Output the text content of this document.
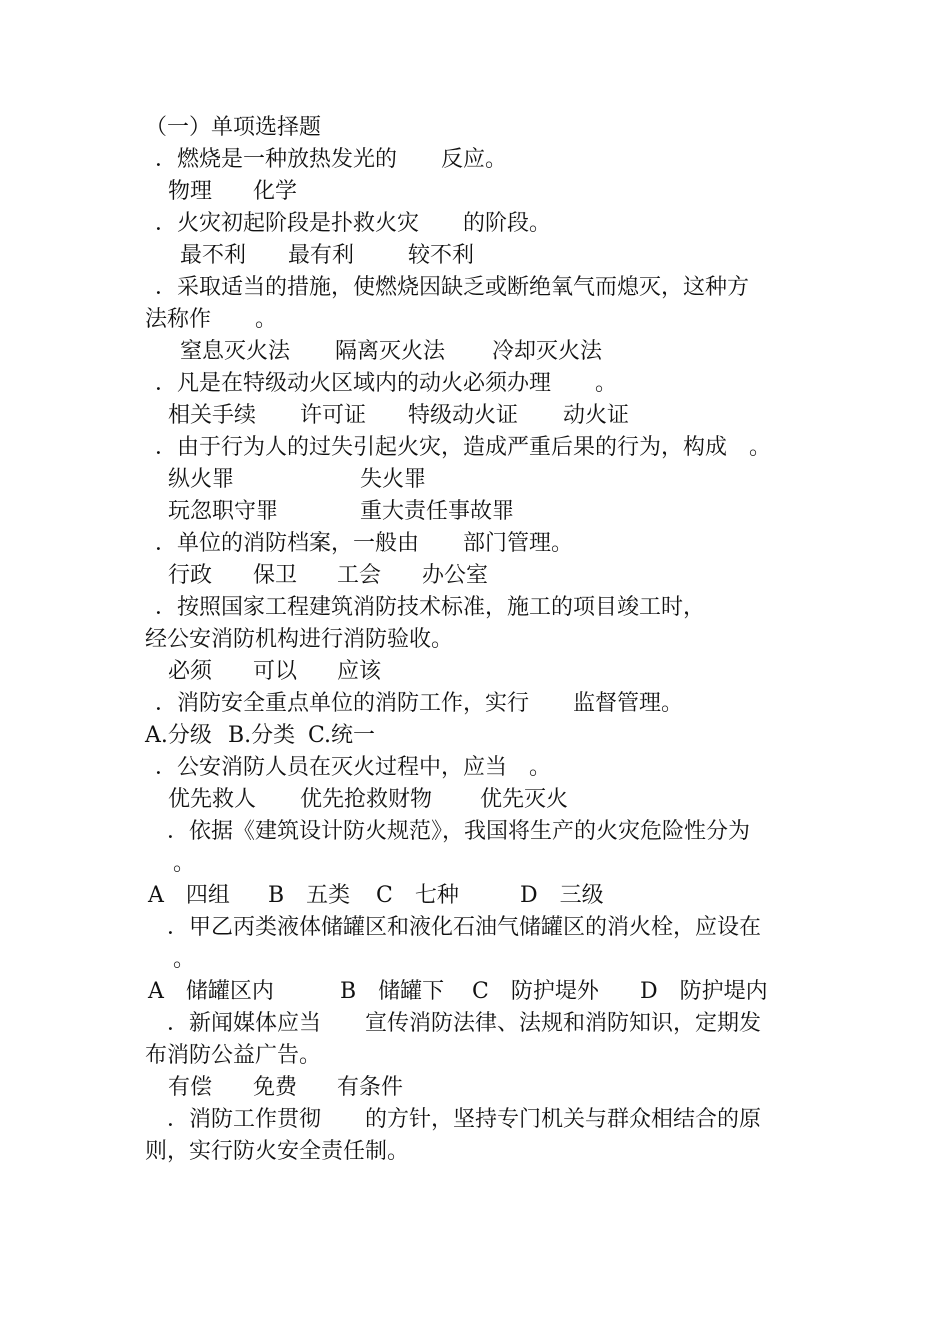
（一）单项选择题
．燃烧是一种放热发光的　　反应。
物理 化学
．火灾初起阶段是扑救火灾　　的阶段。
最不利 最有利 较不利
．采取适当的措施，使燃烧因缺乏或断绝氧气而熄灭，这种方
法称作　　。
窒息灭火法 隔离灭火法 冷却灭火法
．凡是在特级动火区域内的动火必须办理　　。
相关手续 许可证 特级动火证 动火证
．由于行为人的过失引起火灾，造成严重后果的行为，构成　。
纵火罪	失火罪
玩忽职守罪	重大责任事故罪
．单位的消防档案，一般由　　部门管理。
行政 保卫 工会 办公室
．按照国家工程建筑消防技术标准，施工的项目竣工时，
经公安消防机构进行消防验收。
必须 可以 应该
．消防安全重点单位的消防工作，实行　　监督管理。
A.分级 B.分类 C.统一
．公安消防人员在灭火过程中，应当　。
优先救人 优先抢救财物 优先灭火
．依据《建筑设计防火规范》，我国将生产的火灾危险性分为
。
A　四组 B　五类 C　七种	D　三级
．甲乙丙类液体储罐区和液化石油气储罐区的消火栓，应设在
。
A　储罐区内	B　储罐下 C　防护堤外 D　防护堤内
．新闻媒体应当　　宣传消防法律、法规和消防知识，定期发
布消防公益广告。
有偿 免费 有条件
．消防工作贯彻　　的方针，坚持专门机关与群众相结合的原
则，实行防火安全责任制。
